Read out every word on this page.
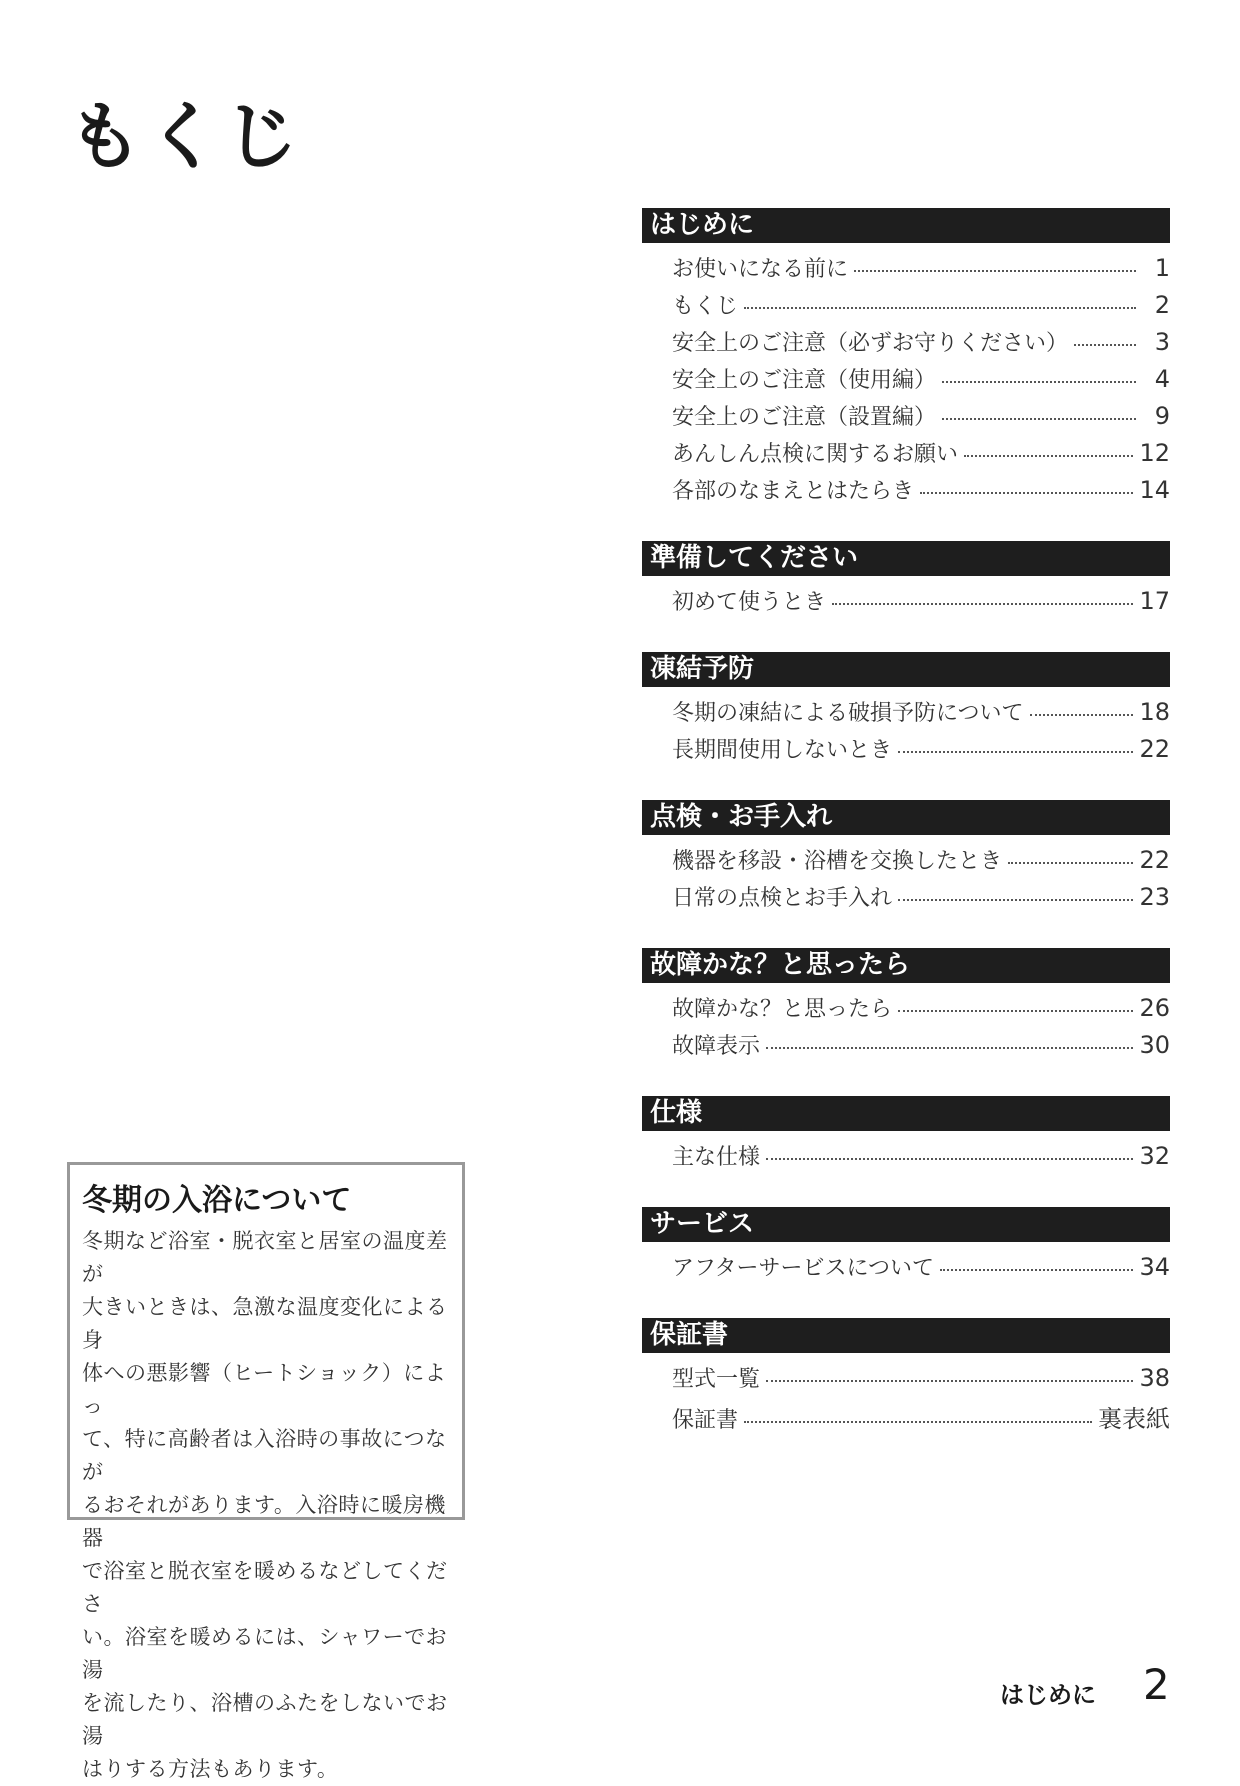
もくじ
はじめに
お使いになる前に	1
もくじ	2
安全上のご注意（必ずお守りください）	3
安全上のご注意（使用編）	4
安全上のご注意（設置編）	9
あんしん点検に関するお願い	12
各部のなまえとはたらき	14
準備してください
初めて使うとき	17
凍結予防
冬期の凍結による破損予防について	18
長期間使用しないとき	22
点検・お手入れ
機器を移設・浴槽を交換したとき	22
日常の点検とお手入れ	23
故障かな？と思ったら
故障かな？と思ったら	26
故障表示	30
仕様
主な仕様	32
サービス
アフターサービスについて	34
保証書
型式一覧	38
保証書	裏表紙
冬期の入浴について
冬期など浴室・脱衣室と居室の温度差が
大きいときは、急激な温度変化による身
体への悪影響（ヒートショック）によっ
て、特に高齢者は入浴時の事故につなが
るおそれがあります。入浴時に暖房機器
で浴室と脱衣室を暖めるなどしてくださ
い。浴室を暖めるには、シャワーでお湯
を流したり、浴槽のふたをしないでお湯
はりする方法もあります。
はじめに 2
